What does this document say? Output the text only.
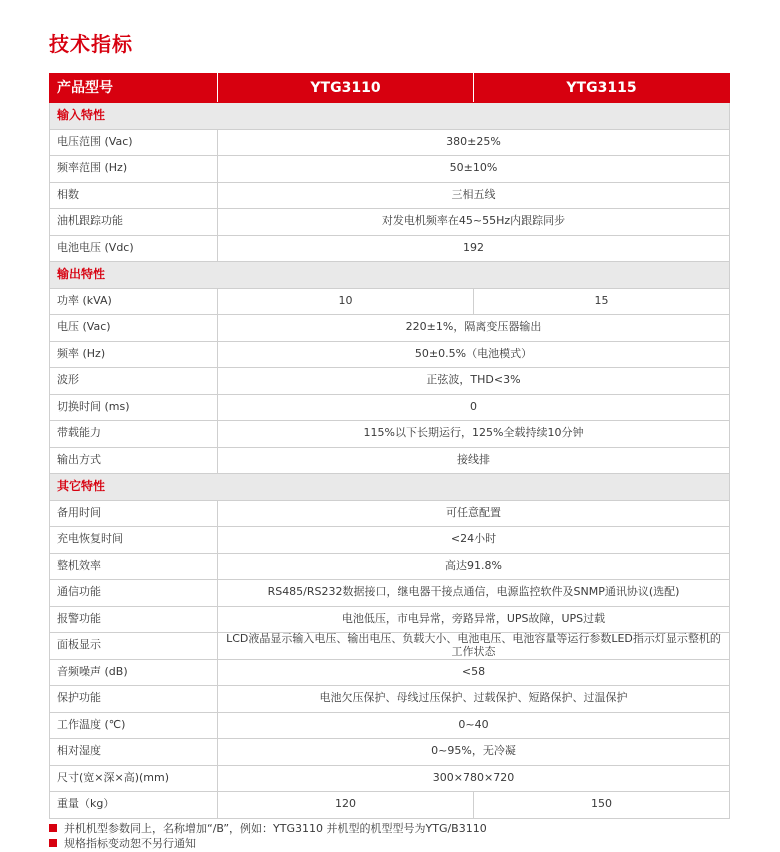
技术指标
产品型号	YTG3110	YTG3115
输入特性		
电压范围 (Vac)	380±25%	
频率范围 (Hz)	50±10%	
相数	三相五线	
油机跟踪功能	对发电机频率在45~55Hz内跟踪同步	
电池电压 (Vdc)	192	
输出特性		
功率 (kVA)	10	15
电压 (Vac)	220±1%，隔离变压器输出	
频率 (Hz)	50±0.5%（电池模式）	
波形	正弦波，THD<3%	
切换时间 (ms)	0	
带载能力	115%以下长期运行，125%全载持续10分钟	
输出方式	接线排	
其它特性		
备用时间	可任意配置	
充电恢复时间	<24小时	
整机效率	高达91.8%	
通信功能	RS485/RS232数据接口，继电器干接点通信，电源监控软件及SNMP通讯协议(选配)	
报警功能	电池低压，市电异常，旁路异常，UPS故障，UPS过载	
面板显示	LCD液晶显示输入电压、输出电压、负载大小、电池电压、电池容量等运行参数LED指示灯显示整机的工作状态	
音频噪声 (dB)	<58	
保护功能	电池欠压保护、母线过压保护、过载保护、短路保护、过温保护	
工作温度 (℃)	0~40	
相对湿度	0~95%，无冷凝	
尺寸(宽×深×高)(mm)	300×780×720	
重量（kg）	120	150
并机机型参数同上，名称增加“/B”，例如：YTG3110 并机型的机型型号为YTG/B3110
规格指标变动恕不另行通知
